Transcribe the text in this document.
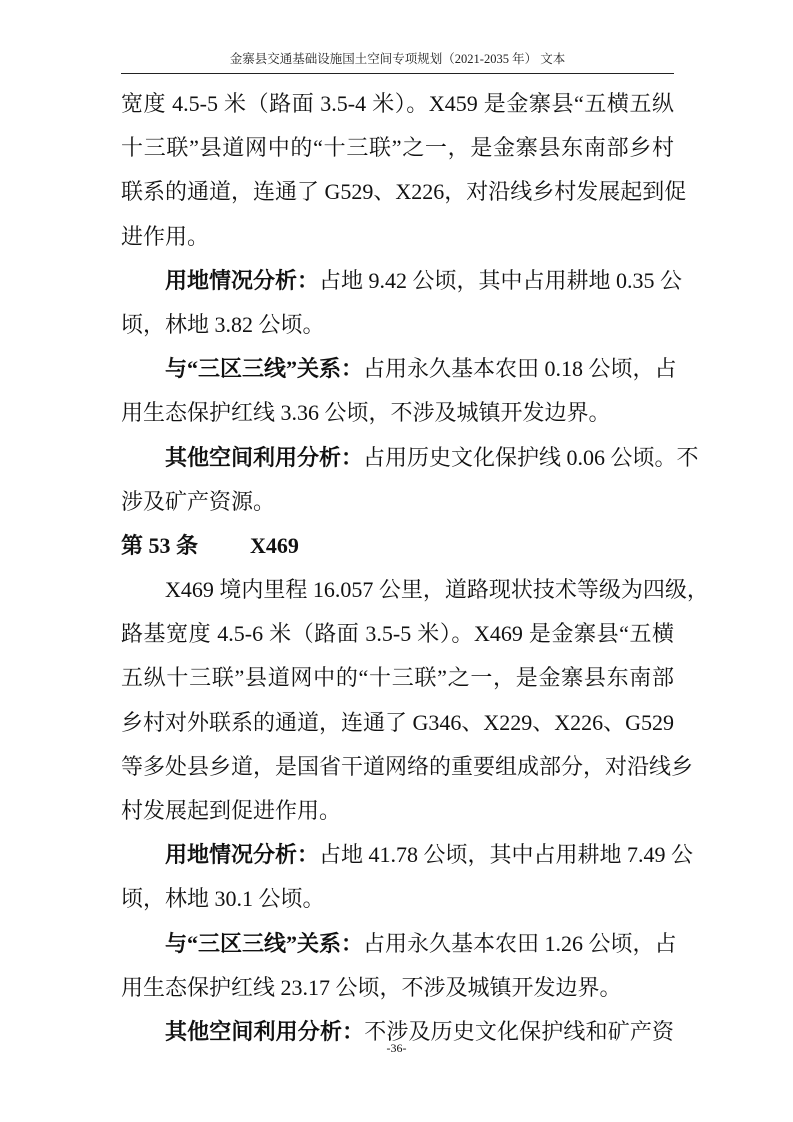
金寨县交通基础设施国土空间专项规划（2021-2035 年） 文本
宽度 4.5-5 米（路面 3.5-4 米）。X459 是金寨县“五横五纵
十三联”县道网中的“十三联”之一，是金寨县东南部乡村
联系的通道，连通了 G529、X226，对沿线乡村发展起到促
进作用。
用地情况分析：占地 9.42 公顷，其中占用耕地 0.35 公
顷，林地 3.82 公顷。
与“三区三线”关系：占用永久基本农田 0.18 公顷，占
用生态保护红线 3.36 公顷，不涉及城镇开发边界。
其他空间利用分析：占用历史文化保护线 0.06 公顷。不
涉及矿产资源。
第 53 条 X469
X469 境内里程 16.057 公里，道路现状技术等级为四级，
路基宽度 4.5-6 米（路面 3.5-5 米）。X469 是金寨县“五横
五纵十三联”县道网中的“十三联”之一，是金寨县东南部
乡村对外联系的通道，连通了 G346、X229、X226、G529
等多处县乡道，是国省干道网络的重要组成部分，对沿线乡
村发展起到促进作用。
用地情况分析：占地 41.78 公顷，其中占用耕地 7.49 公
顷，林地 30.1 公顷。
与“三区三线”关系：占用永久基本农田 1.26 公顷，占
用生态保护红线 23.17 公顷，不涉及城镇开发边界。
其他空间利用分析：不涉及历史文化保护线和矿产资
-36-
